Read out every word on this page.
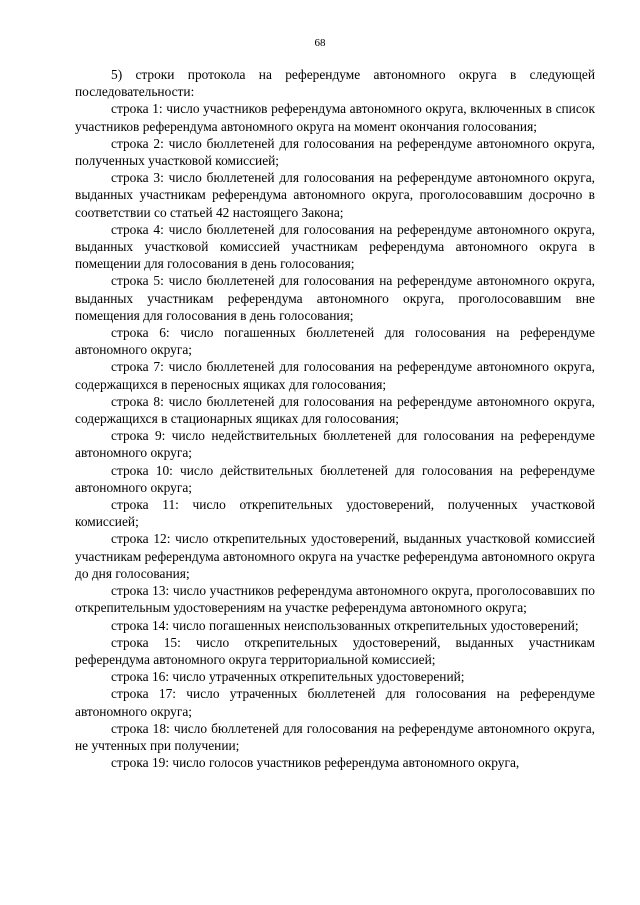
68

5) строки протокола на референдуме автономного округа в следующей последовательности:

строка 1: число участников референдума автономного округа, включенных в список участников референдума автономного округа на момент окончания голосования;

строка 2: число бюллетеней для голосования на референдуме автономного округа, полученных участковой комиссией;

строка 3: число бюллетеней для голосования на референдуме автономного округа, выданных участникам референдума автономного округа, проголосовавшим досрочно в соответствии со статьей 42 настоящего Закона;

строка 4: число бюллетеней для голосования на референдуме автономного округа, выданных участковой комиссией участникам референдума автономного округа в помещении для голосования в день голосования;

строка 5: число бюллетеней для голосования на референдуме автономного округа, выданных участникам референдума автономного округа, проголосовавшим вне помещения для голосования в день голосования;

строка 6: число погашенных бюллетеней для голосования на референдуме автономного округа;

строка 7: число бюллетеней для голосования на референдуме автономного округа, содержащихся в переносных ящиках для голосования;

строка 8: число бюллетеней для голосования на референдуме автономного округа, содержащихся в стационарных ящиках для голосования;

строка 9: число недействительных бюллетеней для голосования на референдуме автономного округа;

строка 10: число действительных бюллетеней для голосования на референдуме автономного округа;

строка 11: число открепительных удостоверений, полученных участковой комиссией;

строка 12: число открепительных удостоверений, выданных участковой комиссией участникам референдума автономного округа на участке референдума автономного округа до дня голосования;

строка 13: число участников референдума автономного округа, проголосовавших по открепительным удостоверениям на участке референдума автономного округа;

строка 14: число погашенных неиспользованных открепительных удостоверений;

строка 15: число открепительных удостоверений, выданных участникам референдума автономного округа территориальной комиссией;

строка 16: число утраченных открепительных удостоверений;

строка 17: число утраченных бюллетеней для голосования на референдуме автономного округа;

строка 18: число бюллетеней для голосования на референдуме автономного округа, не учтенных при получении;

строка 19: число голосов участников референдума автономного округа,
